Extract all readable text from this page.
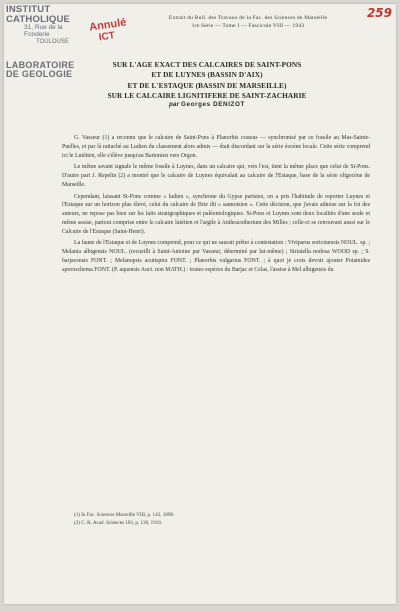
INSTITUT CATHOLIQUE
31, Rue de la Fonderie
TOULOUSE
LABORATOIRE
DE GEOLOGIE
Annulé
ICT
259
Extrait du Bull. des Travaux de la Fac. des Sciences de Marseille
1re Série — Tome I — Fascicule VIII — 1943
SUR L'AGE EXACT DES CALCAIRES DE SAINT-PONS
ET DE LUYNES (BASSIN D'AIX)
ET DE L'ESTAQUE (BASSIN DE MARSEILLE)
SUR LE CALCAIRE LIGNITIFERE DE SAINT-ZACHARIE
par Georges DENIZOT

G. Vasseur (1) a reconnu que le calcaire de Saint-Pons à Planorbis crassus — synchronisé par ce fossile au Mas-Sainte-Puelles, et par là rattaché au Ludien du classement alors admis — était discordant sur la série éocène locale. Cette série comprend ici le Lutétien, elle s'élève jusqu'au Bartonien vers Orgon.

Le même savant signale le même fossile à Luynes, dans un calcaire qui, vers l'est, tient la même place que celui de St-Pons. D'autre part J. Repelin (2) a montré que le calcaire de Luynes équivalait au calcaire de l'Estaque, base de la série oligocène de Marseille.

Cependant, laissant St-Pons comme « ludien », synchrone du Gypse parisien, on a pris l'habitude de reporter Luynes et l'Estaque sur un horizon plus élevé, celui du calcaire de Brie dit « sannoisien ». Cette décision, que j'avais admise sur la foi des auteurs, ne repose pas bien sur les faits stratigraphiques et paléontologiques. St-Pons et Luynes sont deux localités d'une seule et même assise, partout comprise entre le calcaire lutétien et l'argile à Anthracotherium des Milles ; celle-ci se retrouvant aussi sur le Calcaire de l'Estaque (Saint-Henri).

La faune de l'Estaque et de Luynes comprend, pour ce qui ne saurait prêter à contestation : Viviparus soricinensis NOUL. sp. ; Melania albigensis NOUL. (recueilli à Saint-Antoine par Vasseur, déterminé par lui-même) ; Striatella nodosa WOOD sp. ; S. barjacensis FONT. ; Melanopsis acutispira FONT. ; Planorbis vulgarius FONT. ; à quoi je crois devoir ajouter Potamides aporoschema FONT. (P. aquensis Auct. non MATH.) : toutes espèces du Barjac et Celas, l'assise à Mel albigensis du

(1) In Fac. Sciences Marseille VIII, p. 143, 1898.
(2) C. R. Acad. Sciences 163, p. 136, 1916.
